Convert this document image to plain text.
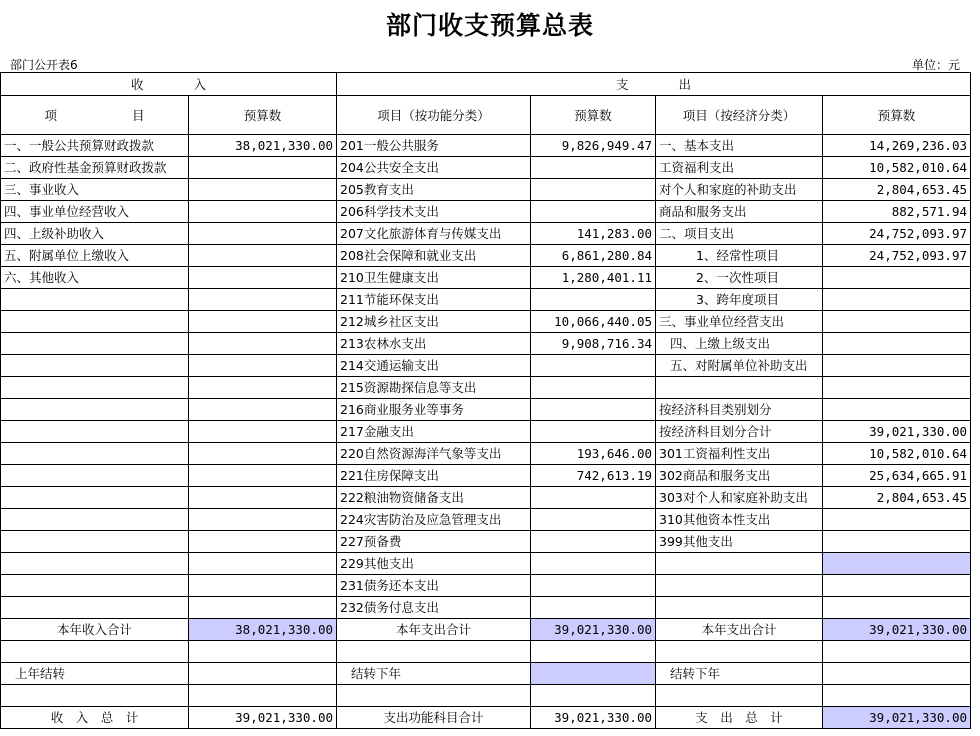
部门收支预算总表
部门公开表6	单位：元
收　　　　入		支　　　　出			
项　　　　　　目	预算数	项目（按功能分类）	预算数	项目（按经济分类）	预算数
一、一般公共预算财政拨款	38,021,330.00	201一般公共服务	9,826,949.47	一、基本支出	14,269,236.03
二、政府性基金预算财政拨款		204公共安全支出		工资福利支出	10,582,010.64
三、事业收入		205教育支出		对个人和家庭的补助支出	2,804,653.45
四、事业单位经营收入		206科学技术支出		商品和服务支出	882,571.94
四、上级补助收入		207文化旅游体育与传媒支出	141,283.00	二、项目支出	24,752,093.97
五、附属单位上缴收入		208社会保障和就业支出	6,861,280.84	1、经常性项目	24,752,093.97
六、其他收入		210卫生健康支出	1,280,401.11	2、一次性项目	
		211节能环保支出		3、跨年度项目	
		212城乡社区支出	10,066,440.05	三、事业单位经营支出	
		213农林水支出	9,908,716.34	四、上缴上级支出	
		214交通运输支出		五、对附属单位补助支出	
		215资源勘探信息等支出			
		216商业服务业等事务		按经济科目类别划分	
		217金融支出		按经济科目划分合计	39,021,330.00
		220自然资源海洋气象等支出	193,646.00	301工资福利性支出	10,582,010.64
		221住房保障支出	742,613.19	302商品和服务支出	25,634,665.91
		222粮油物资储备支出		303对个人和家庭补助支出	2,804,653.45
		224灾害防治及应急管理支出		310其他资本性支出	
		227预备费		399其他支出	
		229其他支出			
		231债务还本支出			
		232债务付息支出			
本年收入合计	38,021,330.00	本年支出合计	39,021,330.00	本年支出合计	39,021,330.00

上年结转		结转下年		结转下年	

收　入　总　计	39,021,330.00	支出功能科目合计	39,021,330.00	支　出　总　计	39,021,330.00
